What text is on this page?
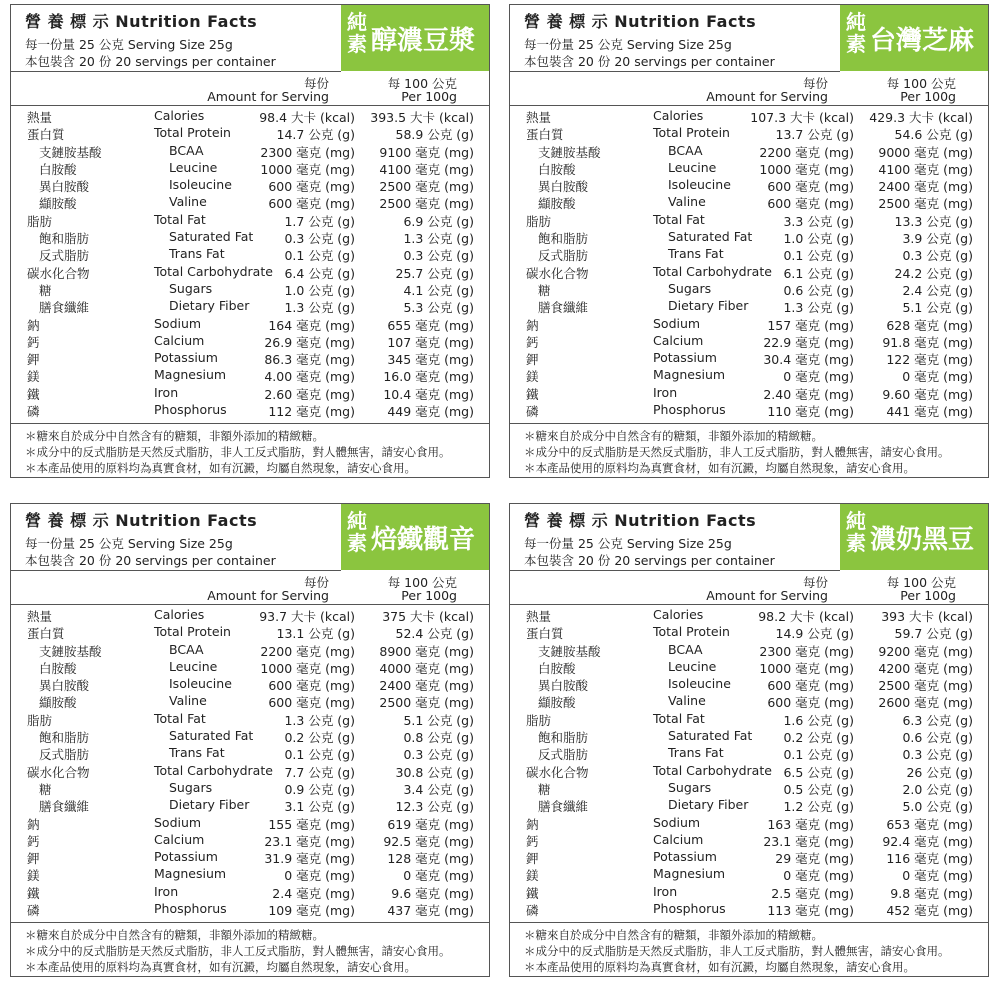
營 養 標 示 Nutrition Facts
每一份量 25 公克 Serving Size 25g
本包裝含 20 份 20 servings per container
純素 醇濃豆漿
每份
Amount for Serving
每 100 公克
Per 100g
熱量	Calories	98.4 大卡 (kcal) 393.5 大卡 (kcal)
蛋白質	Total Protein	14.7 公克 (g)	58.9 公克 (g)
支鏈胺基酸	BCAA	2300 毫克 (mg) 9100 毫克 (mg)
白胺酸	Leucine	1000 毫克 (mg) 4100 毫克 (mg)
異白胺酸	Isoleucine	600 毫克 (mg) 2500 毫克 (mg)
纈胺酸	Valine	600 毫克 (mg) 2500 毫克 (mg)
脂肪	Total Fat	1.7 公克 (g)	6.9 公克 (g)
飽和脂肪	Saturated Fat 0.3 公克 (g)	1.3 公克 (g)
反式脂肪	Trans Fat	0.1 公克 (g)	0.3 公克 (g)
碳水化合物	Total Carbohydrate 6.4 公克 (g)	25.7 公克 (g)
糖	Sugars	1.0 公克 (g)	4.1 公克 (g)
膳食纖維	Dietary Fiber	1.3 公克 (g)	5.3 公克 (g)
鈉	Sodium	164 毫克 (mg)	655 毫克 (mg)
鈣	Calcium	26.9 毫克 (mg)	107 毫克 (mg)
鉀	Potassium	86.3 毫克 (mg)	345 毫克 (mg)
鎂	Magnesium	4.00 毫克 (mg) 16.0 毫克 (mg)
鐵	Iron	2.60 毫克 (mg) 10.4 毫克 (mg)
磷	Phosphorus	112 毫克 (mg)	449 毫克 (mg)
＊糖來自於成分中自然含有的糖類，非額外添加的精緻糖。
＊成分中的反式脂肪是天然反式脂肪，非人工反式脂肪，對人體無害，請安心食用。
＊本產品使用的原料均為真實食材，如有沉澱，均屬自然現象，請安心食用。
營 養 標 示 Nutrition Facts
每一份量 25 公克 Serving Size 25g
本包裝含 20 份 20 servings per container
純素 台灣芝麻
每份
Amount for Serving
每 100 公克
Per 100g
熱量	Calories	107.3 大卡 (kcal) 429.3 大卡 (kcal)
蛋白質	Total Protein	13.7 公克 (g)	54.6 公克 (g)
支鏈胺基酸	BCAA	2200 毫克 (mg) 9000 毫克 (mg)
白胺酸	Leucine	1000 毫克 (mg) 4100 毫克 (mg)
異白胺酸	Isoleucine	600 毫克 (mg) 2400 毫克 (mg)
纈胺酸	Valine	600 毫克 (mg) 2500 毫克 (mg)
脂肪	Total Fat	3.3 公克 (g)	13.3 公克 (g)
飽和脂肪	Saturated Fat 1.0 公克 (g)	3.9 公克 (g)
反式脂肪	Trans Fat	0.1 公克 (g)	0.3 公克 (g)
碳水化合物	Total Carbohydrate 6.1 公克 (g)	24.2 公克 (g)
糖	Sugars	0.6 公克 (g)	2.4 公克 (g)
膳食纖維	Dietary Fiber	1.3 公克 (g)	5.1 公克 (g)
鈉	Sodium	157 毫克 (mg)	628 毫克 (mg)
鈣	Calcium	22.9 毫克 (mg) 91.8 毫克 (mg)
鉀	Potassium	30.4 毫克 (mg)	122 毫克 (mg)
鎂	Magnesium	0 毫克 (mg)	0 毫克 (mg)
鐵	Iron	2.40 毫克 (mg) 9.60 毫克 (mg)
磷	Phosphorus	110 毫克 (mg)	441 毫克 (mg)
＊糖來自於成分中自然含有的糖類，非額外添加的精緻糖。
＊成分中的反式脂肪是天然反式脂肪，非人工反式脂肪，對人體無害，請安心食用。
＊本產品使用的原料均為真實食材，如有沉澱，均屬自然現象，請安心食用。
營 養 標 示 Nutrition Facts
每一份量 25 公克 Serving Size 25g
本包裝含 20 份 20 servings per container
純素 焙鐵觀音
每份
Amount for Serving
每 100 公克
Per 100g
熱量	Calories	93.7 大卡 (kcal) 375 大卡 (kcal)
蛋白質	Total Protein	13.1 公克 (g)	52.4 公克 (g)
支鏈胺基酸	BCAA	2200 毫克 (mg) 8900 毫克 (mg)
白胺酸	Leucine	1000 毫克 (mg) 4000 毫克 (mg)
異白胺酸	Isoleucine	600 毫克 (mg) 2400 毫克 (mg)
纈胺酸	Valine	600 毫克 (mg) 2500 毫克 (mg)
脂肪	Total Fat	1.3 公克 (g)	5.1 公克 (g)
飽和脂肪	Saturated Fat 0.2 公克 (g)	0.8 公克 (g)
反式脂肪	Trans Fat	0.1 公克 (g)	0.3 公克 (g)
碳水化合物	Total Carbohydrate 7.7 公克 (g)	30.8 公克 (g)
糖	Sugars	0.9 公克 (g)	3.4 公克 (g)
膳食纖維	Dietary Fiber	3.1 公克 (g)	12.3 公克 (g)
鈉	Sodium	155 毫克 (mg)	619 毫克 (mg)
鈣	Calcium	23.1 毫克 (mg) 92.5 毫克 (mg)
鉀	Potassium	31.9 毫克 (mg)	128 毫克 (mg)
鎂	Magnesium	0 毫克 (mg)	0 毫克 (mg)
鐵	Iron	2.4 毫克 (mg)	9.6 毫克 (mg)
磷	Phosphorus	109 毫克 (mg)	437 毫克 (mg)
＊糖來自於成分中自然含有的糖類，非額外添加的精緻糖。
＊成分中的反式脂肪是天然反式脂肪，非人工反式脂肪，對人體無害，請安心食用。
＊本產品使用的原料均為真實食材，如有沉澱，均屬自然現象，請安心食用。
營 養 標 示 Nutrition Facts
每一份量 25 公克 Serving Size 25g
本包裝含 20 份 20 servings per container
純素 濃奶黑豆
每份
Amount for Serving
每 100 公克
Per 100g
熱量	Calories	98.2 大卡 (kcal) 393 大卡 (kcal)
蛋白質	Total Protein	14.9 公克 (g)	59.7 公克 (g)
支鏈胺基酸	BCAA	2300 毫克 (mg) 9200 毫克 (mg)
白胺酸	Leucine	1000 毫克 (mg) 4200 毫克 (mg)
異白胺酸	Isoleucine	600 毫克 (mg) 2500 毫克 (mg)
纈胺酸	Valine	600 毫克 (mg) 2600 毫克 (mg)
脂肪	Total Fat	1.6 公克 (g)	6.3 公克 (g)
飽和脂肪	Saturated Fat 0.2 公克 (g)	0.6 公克 (g)
反式脂肪	Trans Fat	0.1 公克 (g)	0.3 公克 (g)
碳水化合物	Total Carbohydrate 6.5 公克 (g)	26 公克 (g)
糖	Sugars	0.5 公克 (g)	2.0 公克 (g)
膳食纖維	Dietary Fiber	1.2 公克 (g)	5.0 公克 (g)
鈉	Sodium	163 毫克 (mg)	653 毫克 (mg)
鈣	Calcium	23.1 毫克 (mg) 92.4 毫克 (mg)
鉀	Potassium	29 毫克 (mg)	116 毫克 (mg)
鎂	Magnesium	0 毫克 (mg)	0 毫克 (mg)
鐵	Iron	2.5 毫克 (mg)	9.8 毫克 (mg)
磷	Phosphorus	113 毫克 (mg)	452 毫克 (mg)
＊糖來自於成分中自然含有的糖類，非額外添加的精緻糖。
＊成分中的反式脂肪是天然反式脂肪，非人工反式脂肪，對人體無害，請安心食用。
＊本產品使用的原料均為真實食材，如有沉澱，均屬自然現象，請安心食用。
